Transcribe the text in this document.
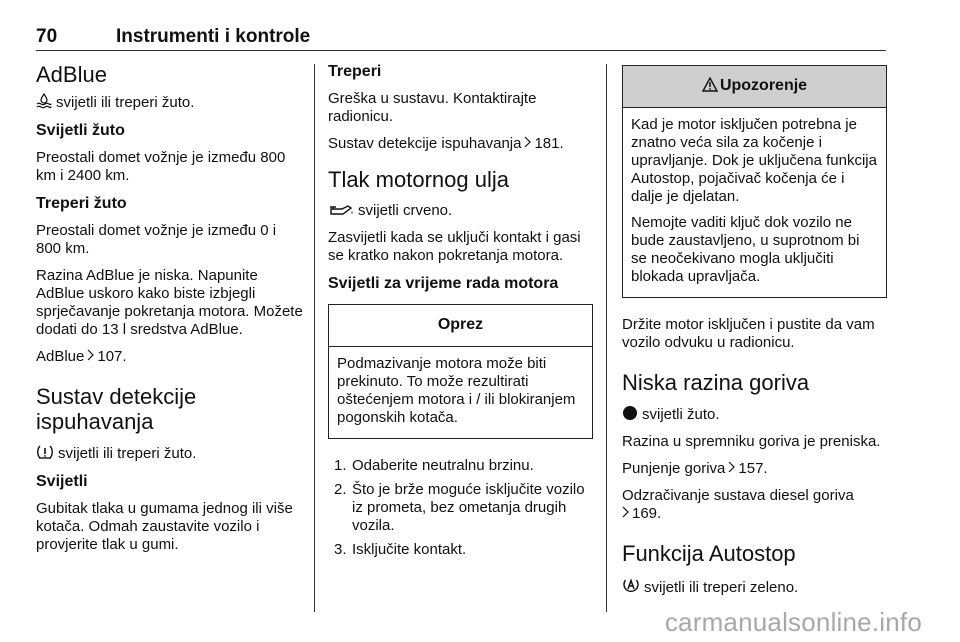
70	Instrumenti i kontrole
AdBlue

svijetli ili treperi žuto.

Svijetli žuto

Preostali domet vožnje je između 800 km i 2400 km.

Treperi žuto

Preostali domet vožnje je između 0 i 800 km.

Razina AdBlue je niska. Napunite AdBlue uskoro kako biste izbjegli sprječavanje pokretanja motora. Možete dodati do 13 l sredstva AdBlue.

AdBlue 107.

Sustav detekcije ispuhavanja

svijetli ili treperi žuto.

Svijetli

Gubitak tlaka u gumama jednog ili više kotača. Odmah zaustavite vozilo i provjerite tlak u gumi.

Treperi

Greška u sustavu. Kontaktirajte radionicu.

Sustav detekcije ispuhavanja 181.

Tlak motornog ulja

svijetli crveno.

Zasvijetli kada se uključi kontakt i gasi se kratko nakon pokretanja motora.

Svijetli za vrijeme rada motora
Oprez

Podmazivanje motora može biti prekinuto. To može rezultirati oštećenjem motora i / ili blokiranjem pogonskih kotača.

1. Odaberite neutralnu brzinu.
2. Što je brže moguće isključite vozilo iz prometa, bez ometanja drugih vozila.
3. Isključite kontakt.
Upozorenje

Kad je motor isključen potrebna je znatno veća sila za kočenje i upravljanje. Dok je uključena funkcija Autostop, pojačivač kočenja će i dalje je djelatan.

Nemojte vaditi ključ dok vozilo ne bude zaustavljeno, u suprotnom bi se neočekivano mogla uključiti blokada upravljača.

Držite motor isključen i pustite da vam vozilo odvuku u radionicu.

Niska razina goriva

svijetli žuto.

Razina u spremniku goriva je preniska.

Punjenje goriva 157.

Odzračivanje sustava diesel goriva
169.

Funkcija Autostop

svijetli ili treperi zeleno.

carmanualsonline.info
